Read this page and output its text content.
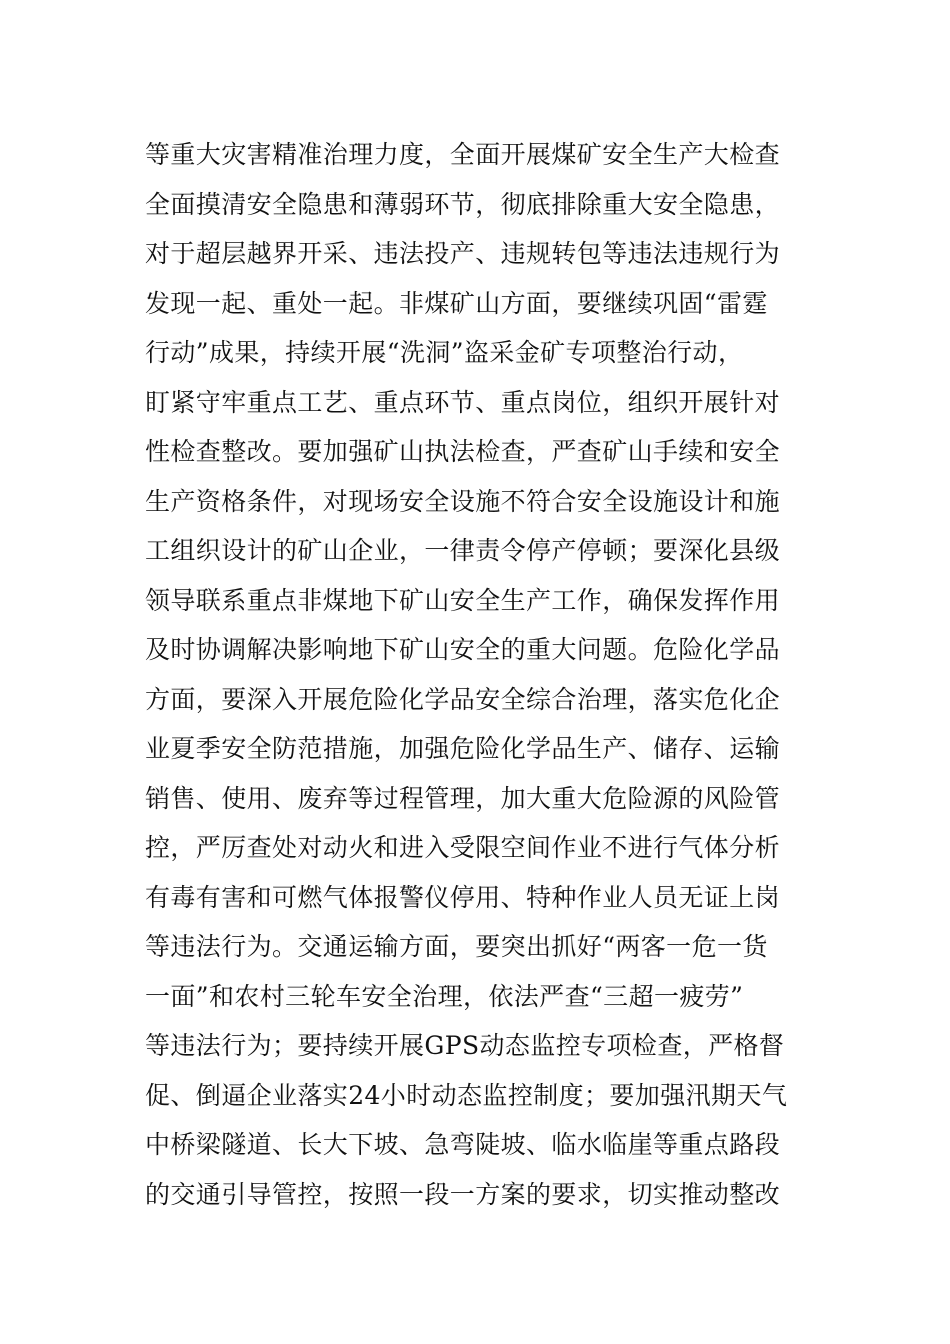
等重大灾害精准治理力度，全面开展煤矿安全生产大检查
全面摸清安全隐患和薄弱环节，彻底排除重大安全隐患，
对于超层越界开采、违法投产、违规转包等违法违规行为
发现一起、重处一起。非煤矿山方面，要继续巩固“雷霆
行动”成果，持续开展“洗洞”盗采金矿专项整治行动，
盯紧守牢重点工艺、重点环节、重点岗位，组织开展针对
性检查整改。要加强矿山执法检查，严查矿山手续和安全
生产资格条件，对现场安全设施不符合安全设施设计和施
工组织设计的矿山企业，一律责令停产停顿；要深化县级
领导联系重点非煤地下矿山安全生产工作，确保发挥作用
及时协调解决影响地下矿山安全的重大问题。危险化学品
方面，要深入开展危险化学品安全综合治理，落实危化企
业夏季安全防范措施，加强危险化学品生产、储存、运输
销售、使用、废弃等过程管理，加大重大危险源的风险管
控，严厉查处对动火和进入受限空间作业不进行气体分析
有毒有害和可燃气体报警仪停用、特种作业人员无证上岗
等违法行为。交通运输方面，要突出抓好“两客一危一货
一面”和农村三轮车安全治理，依法严查“三超一疲劳”
等违法行为；要持续开展GPS动态监控专项检查，严格督
促、倒逼企业落实24小时动态监控制度；要加强汛期天气
中桥梁隧道、长大下坡、急弯陡坡、临水临崖等重点路段
的交通引导管控，按照一段一方案的要求，切实推动整改
